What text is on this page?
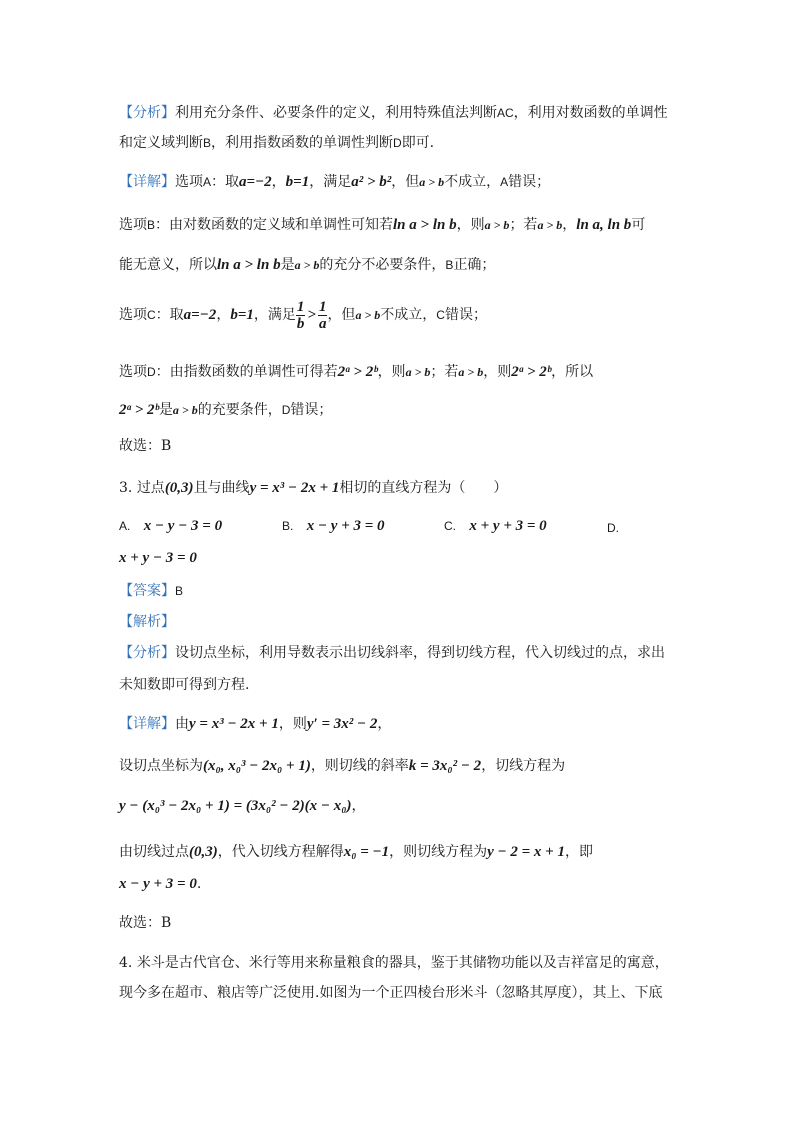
【分析】利用充分条件、必要条件的定义，利用特殊值法判断AC，利用对数函数的单调性
和定义域判断B，利用指数函数的单调性判断D即可.
【详解】选项A：取a=−2，b=1，满足a² > b²，但a > b不成立，A错误；
选项B：由对数函数的定义域和单调性可知若ln a > ln b，则a > b；若a > b，ln a, ln b可
能无意义，所以ln a > ln b是a > b的充分不必要条件，B正确；
选项C：取a=−2，b=1，满足 $\frac{1}{b} > \frac{1}{a}$ ，但a > b不成立，C错误；
选项D：由指数函数的单调性可得若2ᵃ > 2ᵇ，则a > b；若a > b，则2ᵃ > 2ᵇ，所以
2ᵃ > 2ᵇ是a > b的充要条件，D错误；
故选：B
3. 过点(0,3)且与曲线y = x³ − 2x + 1相切的直线方程为（　　）
A. x − y − 3 = 0	B. x − y + 3 = 0	C. x + y + 3 = 0	D.
x + y − 3 = 0
【答案】B
【解析】
【分析】设切点坐标，利用导数表示出切线斜率，得到切线方程，代入切线过的点，求出
未知数即可得到方程.
【详解】由y = x³ − 2x + 1，则y′ = 3x² − 2，
设切点坐标为(x₀, x₀³ − 2x₀ + 1)，则切线的斜率k = 3x₀² − 2，切线方程为
y − (x₀³ − 2x₀ + 1) = (3x₀² − 2)(x − x₀)，
由切线过点(0,3)，代入切线方程解得x₀ = −1，则切线方程为y − 2 = x + 1，即
x − y + 3 = 0.
故选：B
4. 米斗是古代官仓、米行等用来称量粮食的器具，鉴于其储物功能以及吉祥富足的寓意，
现今多在超市、粮店等广泛使用.如图为一个正四棱台形米斗（忽略其厚度），其上、下底
